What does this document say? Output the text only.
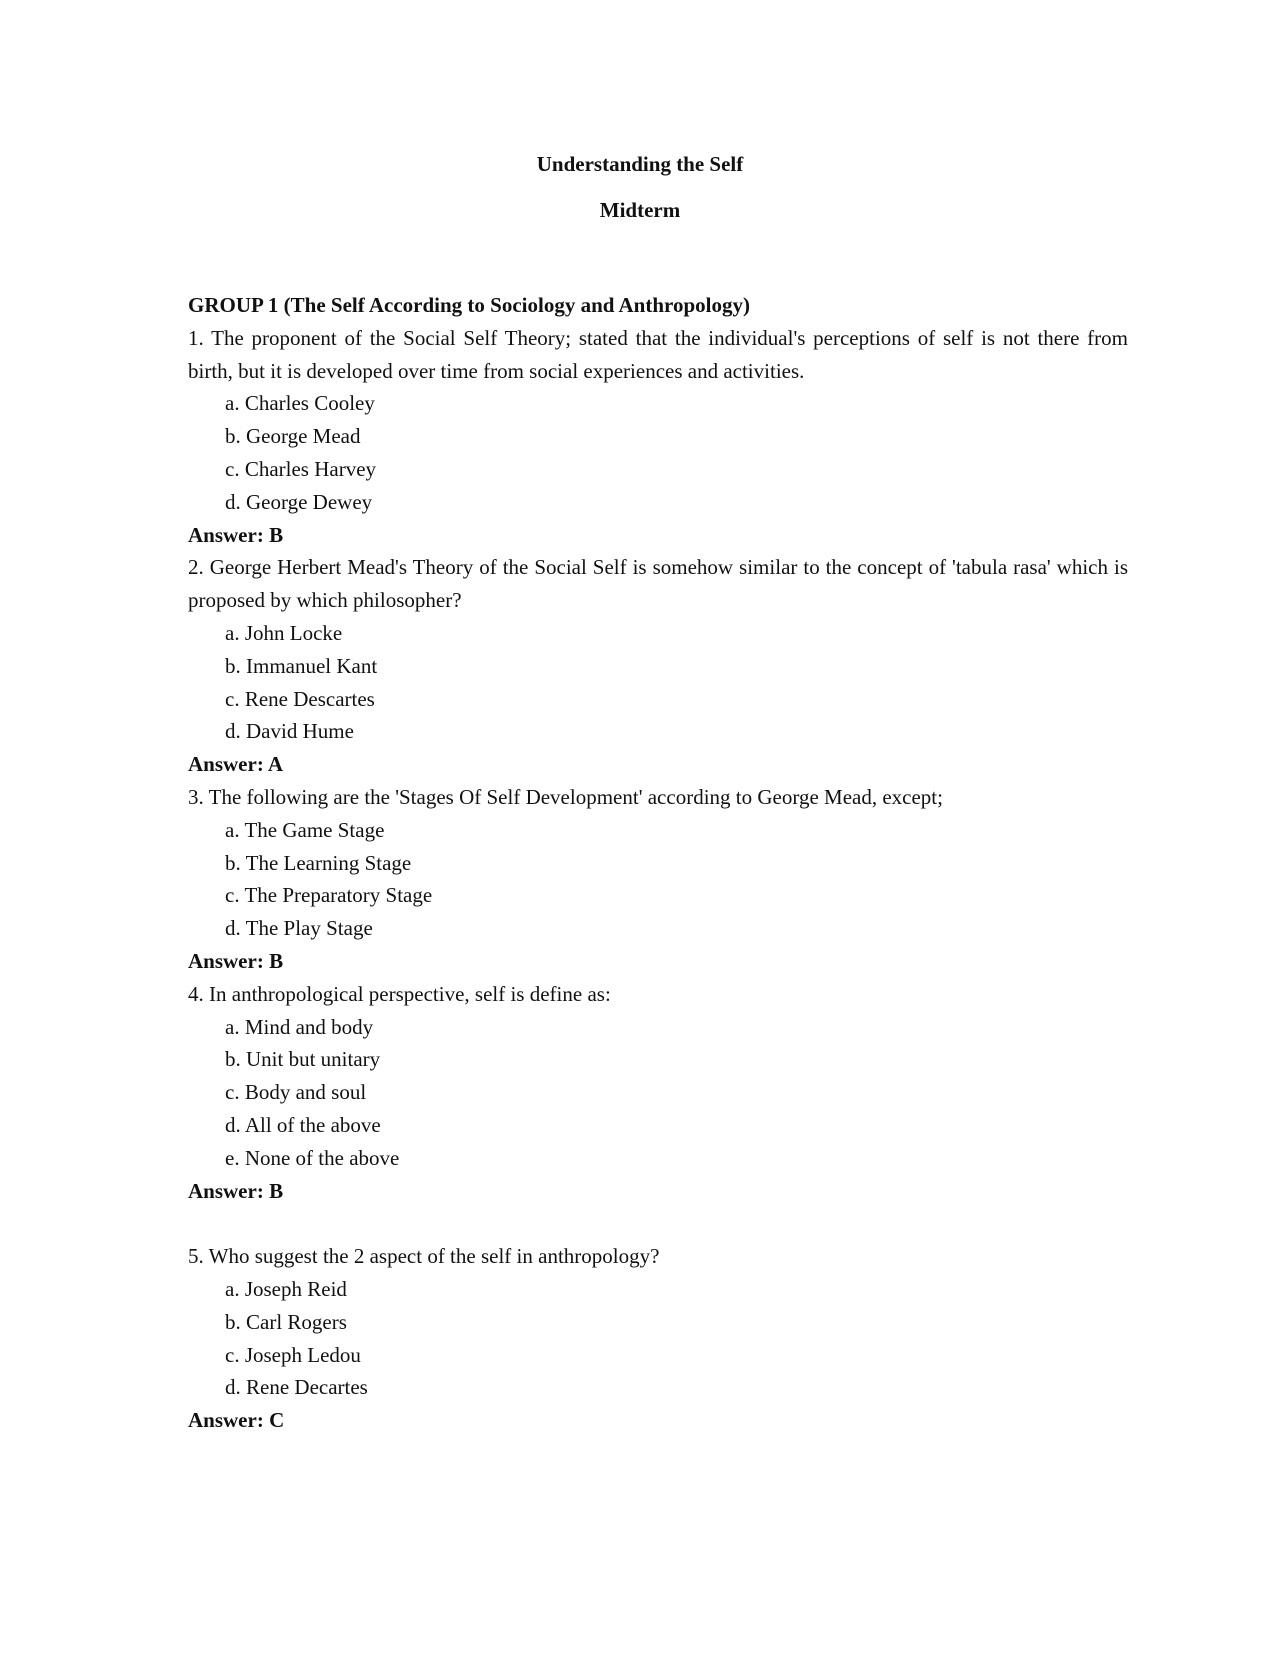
Understanding the Self
Midterm
GROUP 1 (The Self According to Sociology and Anthropology)
1. The proponent of the Social Self Theory; stated that the individual's perceptions of self is not there from birth, but it is developed over time from social experiences and activities.
a. Charles Cooley
b. George Mead
c. Charles Harvey
d. George Dewey
Answer: B
2. George Herbert Mead's Theory of the Social Self is somehow similar to the concept of 'tabula rasa' which is proposed by which philosopher?
a. John Locke
b. Immanuel Kant
c. Rene Descartes
d. David Hume
Answer: A
3. The following are the 'Stages Of Self Development' according to George Mead, except;
a. The Game Stage
b. The Learning Stage
c. The Preparatory Stage
d. The Play Stage
Answer: B
4. In anthropological perspective, self is define as:
a. Mind and body
b. Unit but unitary
c. Body and soul
d. All of the above
e. None of the above
Answer: B
5. Who suggest the 2 aspect of the self in anthropology?
a. Joseph Reid
b. Carl Rogers
c. Joseph Ledou
d. Rene Decartes
Answer: C
